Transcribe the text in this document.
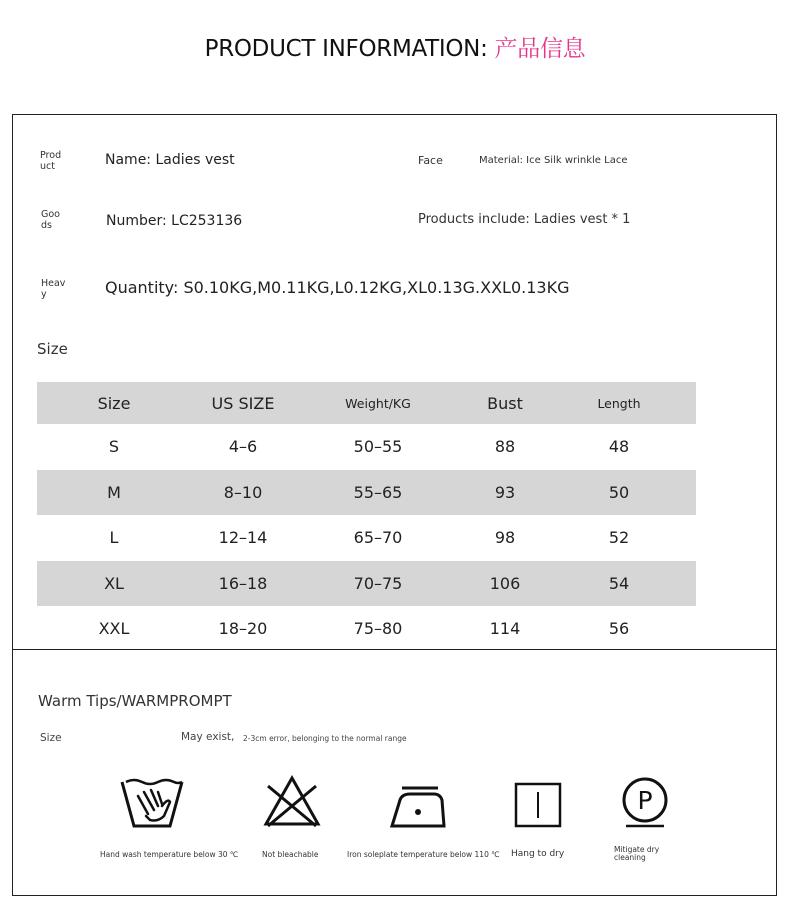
PRODUCT INFORMATION: 产品信息
Prod uct	Name: Ladies vest	Face	Material: Ice Silk wrinkle Lace
Goo ds	Number: LC253136	Products include: Ladies vest * 1
Heav y	Quantity: S0.10KG,M0.11KG,L0.12KG,XL0.13G.XXL0.13KG
Size
Size	US SIZE	Weight/KG	Bust	Length
S	4–6	50–55	88	48
M	8–10	55–65	93	50
L	12–14	65–70	98	52
XL	16–18	70–75	106	54
XXL	18–20	75–80	114	56
Warm Tips/WARMPROMPT
Size	May exist, 2-3cm error, belonging to the normal range
P
Hand wash temperature below 30 ℃	Not bleachable	Iron soleplate temperature below 110 ℃ Hang to dry	Mitigate dry cleaning
